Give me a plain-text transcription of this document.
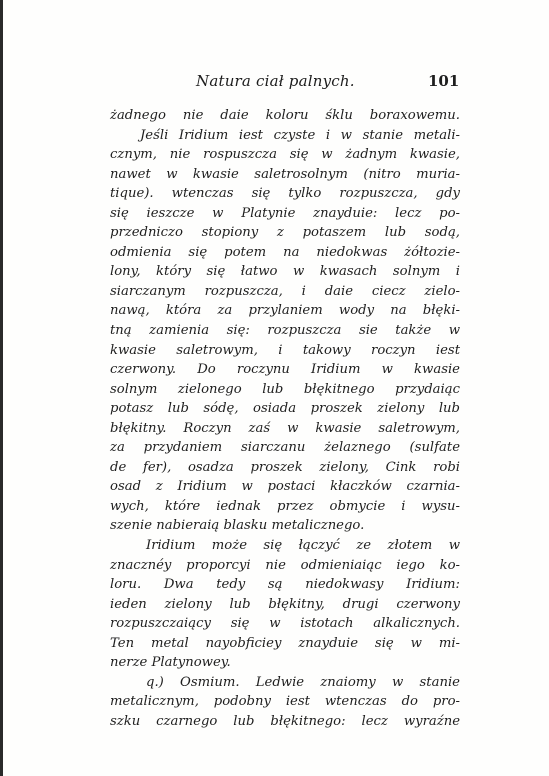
Natura ciał palnych.	101
żadnego nie daie koloru śklu boraxowemu.
Jeśli Iridium iest czyste i w stanie metali-
cznym, nie rospuszcza się w żadnym kwasie,
nawet w kwasie saletrosolnym (nitro muria-
tique). wtenczas się tylko rozpuszcza, gdy
się ieszcze w Platynie znayduie: lecz po-
przedniczo stopiony z potaszem lub sodą,
odmienia się potem na niedokwas żółtozie-
lony, który się łatwo w kwasach solnym i
siarczanym rozpuszcza, i daie ciecz zielo-
nawą, która za przylaniem wody na błęki-
tną zamienia się: rozpuszcza sie także w
kwasie saletrowym, i takowy roczyn iest
czerwony. Do roczynu Iridium w kwasie
solnym zielonego lub błękitnego przydaiąc
potasz lub sódę, osiada proszek zielony lub
błękitny. Roczyn zaś w kwasie saletrowym,
za przydaniem siarczanu żelaznego (sulfate
de fer), osadza proszek zielony, Cink robi
osad z Iridium w postaci kłaczków czarnia-
wych, które iednak przez obmycie i wysu-
szenie nabieraią blasku metalicznego.
Iridium może się łączyć ze złotem w
znacznéy proporcyi nie odmieniaiąc iego ko-
loru. Dwa tedy są niedokwasy Iridium:
ieden zielony lub błękitny, drugi czerwony
rozpuszczaiący się w istotach alkalicznych.
Ten metal nayobficiey znayduie się w mi-
nerze Platynowey.
q.) Osmium. Ledwie znaiomy w stanie
metalicznym, podobny iest wtenczas do pro-
szku czarnego lub błękitnego: lecz wyraźne
